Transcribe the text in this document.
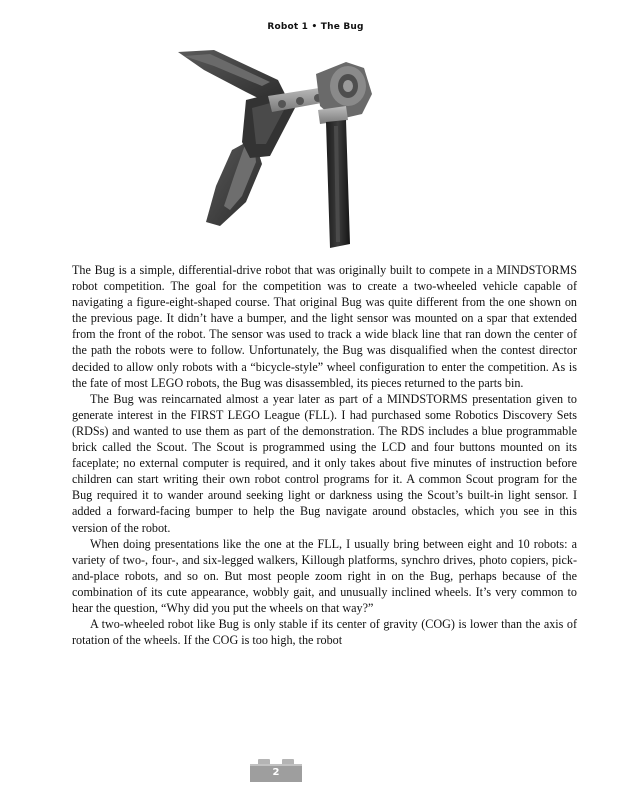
Robot 1 • The Bug

The Bug is a simple, differential-drive robot that was originally built to compete in a MINDSTORMS robot competition. The goal for the competition was to create a two-wheeled vehicle capable of navigating a figure-eight-shaped course. That original Bug was quite different from the one shown on the previous page. It didn’t have a bumper, and the light sensor was mounted on a spar that extended from the front of the robot. The sensor was used to track a wide black line that ran down the center of the path the robots were to follow. Unfortunately, the Bug was disqualified when the contest director decided to allow only robots with a “bicycle-style” wheel configuration to enter the competition. As is the fate of most LEGO robots, the Bug was disassembled, its pieces returned to the parts bin.

The Bug was reincarnated almost a year later as part of a MINDSTORMS presentation given to generate interest in the FIRST LEGO League (FLL). I had purchased some Robotics Discovery Sets (RDSs) and wanted to use them as part of the demonstration. The RDS includes a blue programmable brick called the Scout. The Scout is programmed using the LCD and four buttons mounted on its faceplate; no external computer is required, and it only takes about five minutes of instruction before children can start writing their own robot control programs for it. A common Scout program for the Bug required it to wander around seeking light or darkness using the Scout’s built-in light sensor. I added a forward-facing bumper to help the Bug navigate around obstacles, which you see in this version of the robot.

When doing presentations like the one at the FLL, I usually bring between eight and 10 robots: a variety of two-, four-, and six-legged walkers, Killough platforms, synchro drives, photo copiers, pick-and-place robots, and so on. But most people zoom right in on the Bug, perhaps because of the combination of its cute appearance, wobbly gait, and unusually inclined wheels. It’s very common to hear the question, “Why did you put the wheels on that way?”

A two-wheeled robot like Bug is only stable if its center of gravity (COG) is lower than the axis of rotation of the wheels. If the COG is too high, the robot

2
